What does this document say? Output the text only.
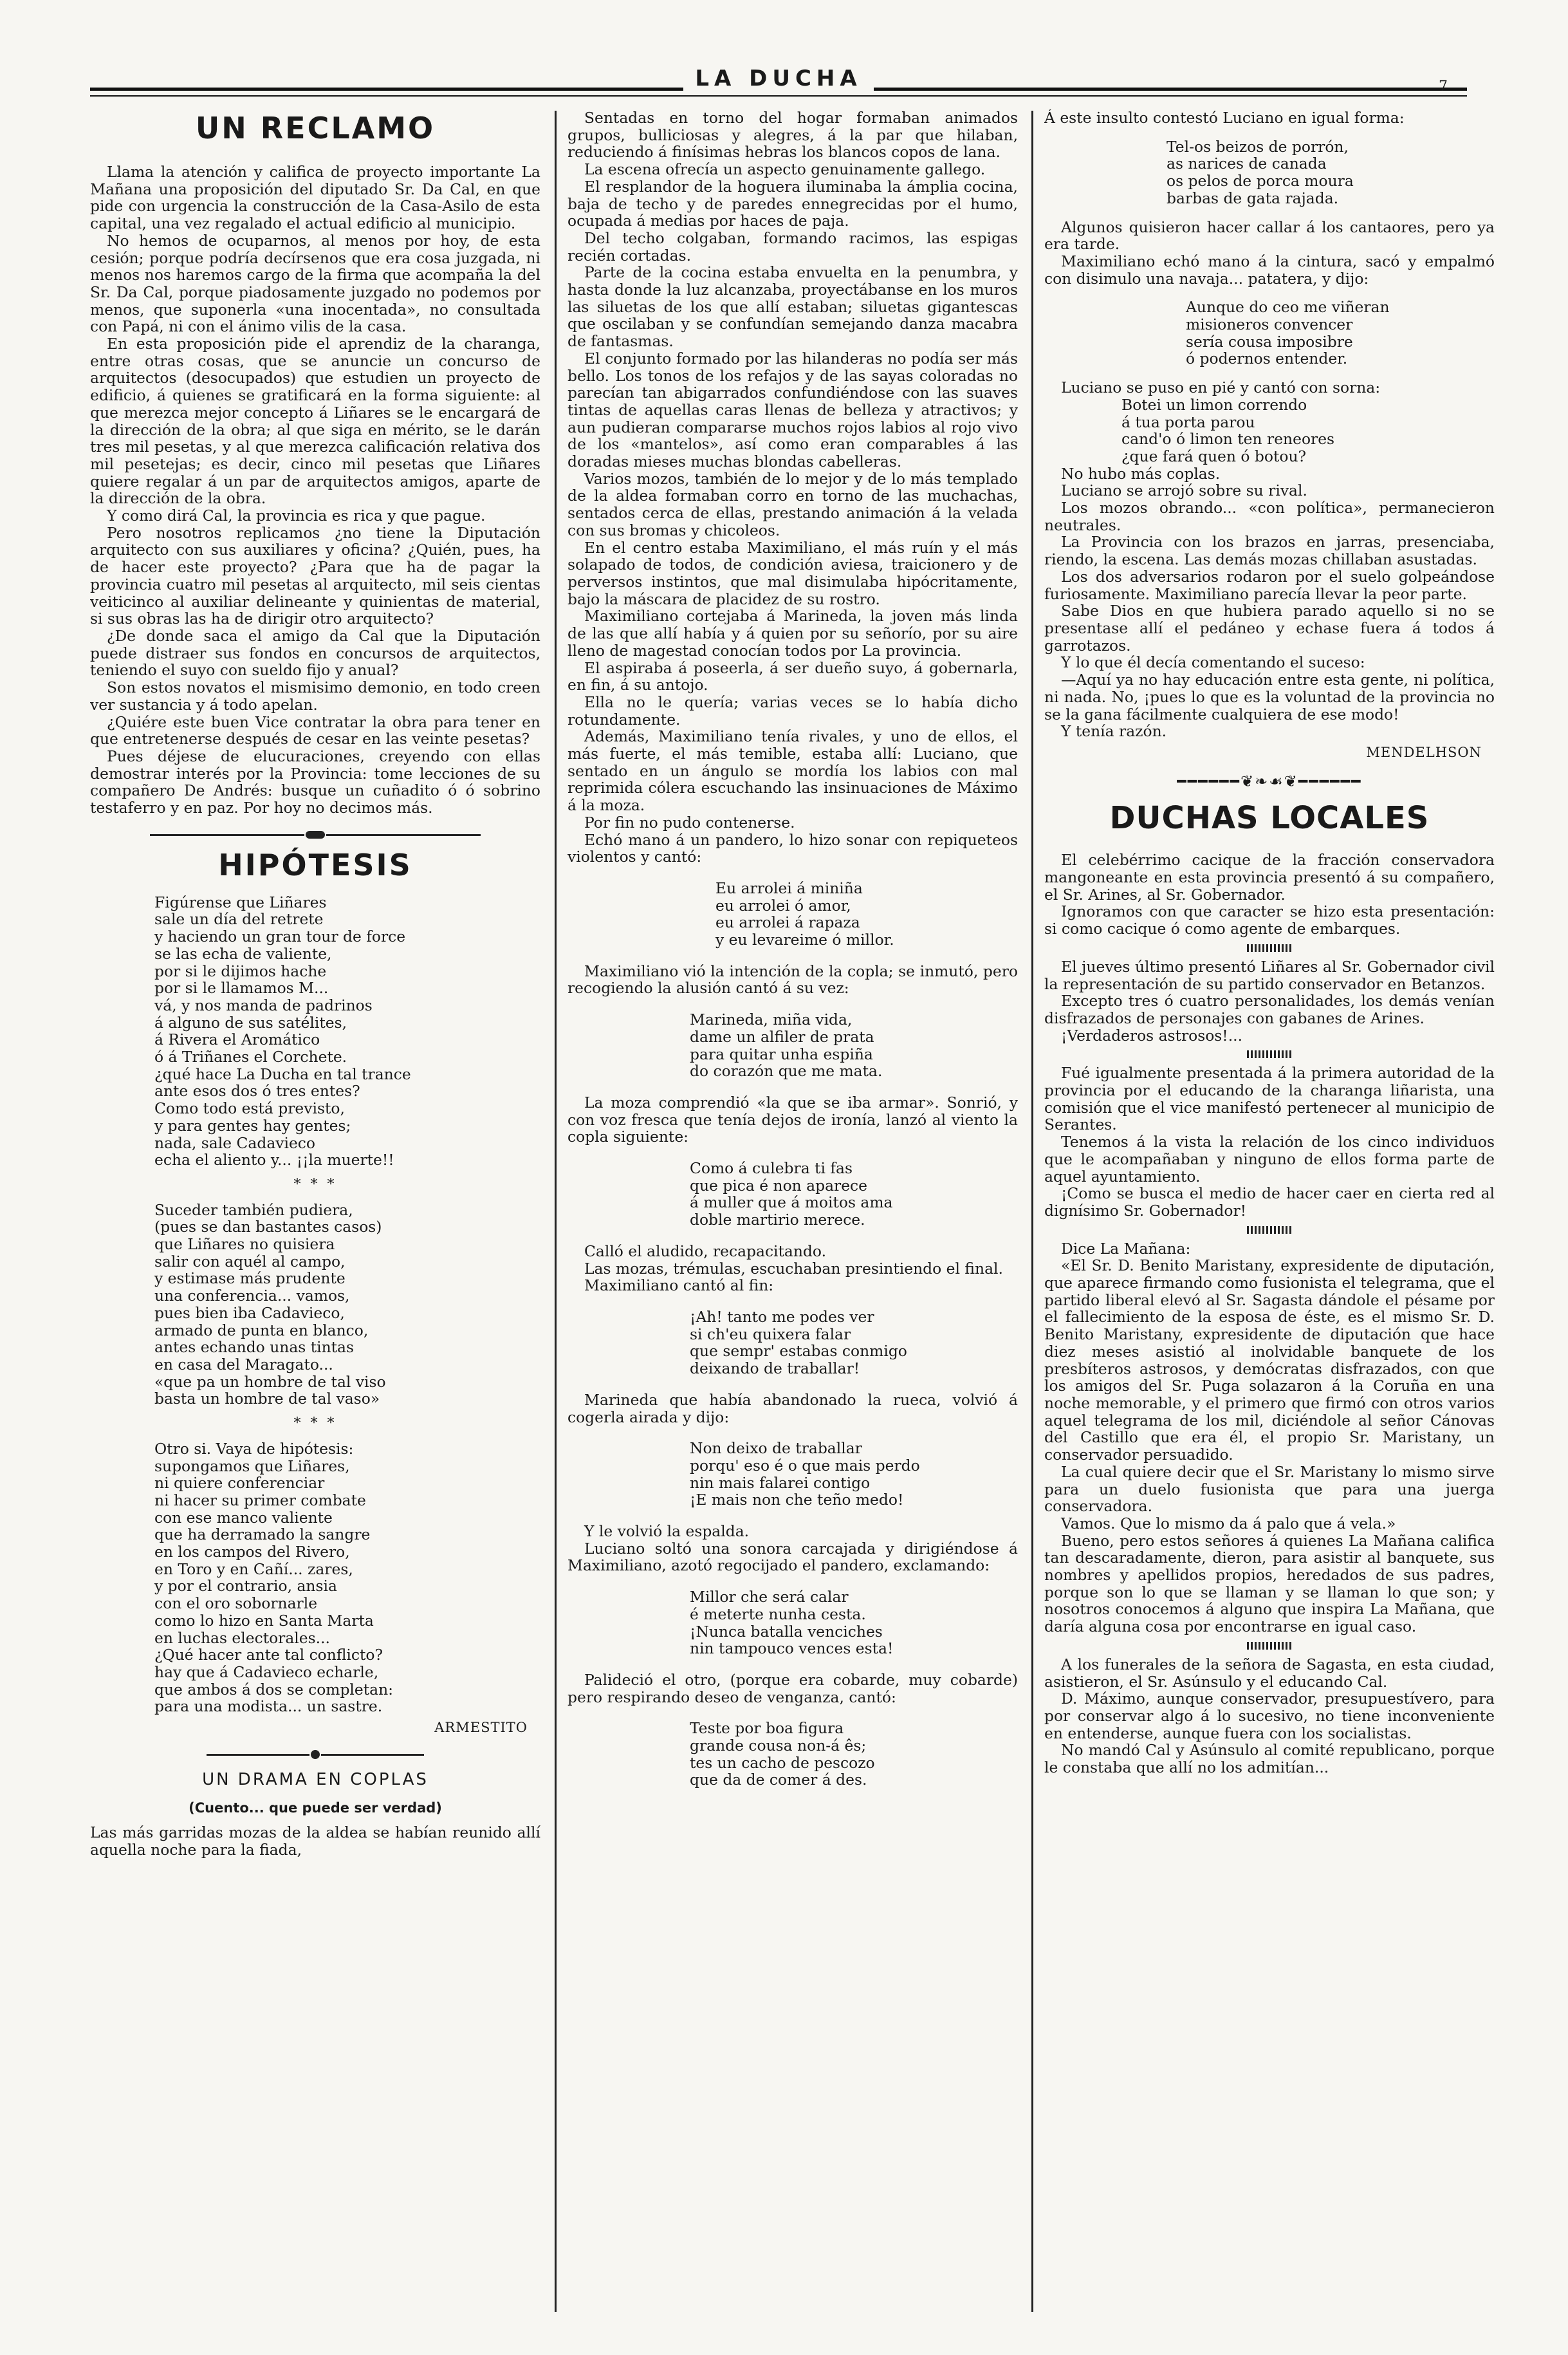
LA DUCHA	7
UN RECLAMO

Llama la atención y califica de proyecto importante La Mañana una proposición del diputado Sr. Da Cal, en que pide con urgencia la construcción de la Casa-Asilo de esta capital, una vez regalado el actual edificio al municipio.

No hemos de ocuparnos, al menos por hoy, de esta cesión; porque podría decírsenos que era cosa juzgada, ni menos nos haremos cargo de la firma que acompaña la del Sr. Da Cal, porque piadosamente juzgado no podemos por menos, que suponerla «una inocentada», no consultada con Papá, ni con el ánimo vilis de la casa.

En esta proposición pide el aprendiz de la charanga, entre otras cosas, que se anuncie un concurso de arquitectos (desocupados) que estudien un proyecto de edificio, á quienes se gratificará en la forma siguiente: al que merezca mejor concepto á Liñares se le encargará de la dirección de la obra; al que siga en mérito, se le darán tres mil pesetas, y al que merezca calificación relativa dos mil pesetejas; es decir, cinco mil pesetas que Liñares quiere regalar á un par de arquitectos amigos, aparte de la dirección de la obra.

Y como dirá Cal, la provincia es rica y que pague.

Pero nosotros replicamos ¿no tiene la Diputación arquitecto con sus auxiliares y oficina? ¿Quién, pues, ha de hacer este proyecto? ¿Para que ha de pagar la provincia cuatro mil pesetas al arquitecto, mil seis cientas veiticinco al auxiliar delineante y quinientas de material, si sus obras las ha de dirigir otro arquitecto?

¿De donde saca el amigo da Cal que la Diputación puede distraer sus fondos en concursos de arquitectos, teniendo el suyo con sueldo fijo y anual?

Son estos novatos el mismisimo demonio, en todo creen ver sustancia y á todo apelan.

¿Quiére este buen Vice contratar la obra para tener en que entretenerse después de cesar en las veinte pesetas?

Pues déjese de elucuraciones, creyendo con ellas demostrar interés por la Provincia: tome lecciones de su compañero De Andrés: busque un cuñadito ó ó sobrino testaferro y en paz. Por hoy no decimos más.

HIPÓTESIS
Figúrense que Liñares
sale un día del retrete
y haciendo un gran tour de force
se las echa de valiente,
por si le dijimos hache
por si le llamamos M...
vá, y nos manda de padrinos
á alguno de sus satélites,
á Rivera el Aromático
ó á Triñanes el Corchete.
¿qué hace La Ducha en tal trance
ante esos dos ó tres entes?
Como todo está previsto,
y para gentes hay gentes;
nada, sale Cadavieco
echa el aliento y... ¡¡la muerte!!
* * *
Suceder también pudiera,
(pues se dan bastantes casos)
que Liñares no quisiera
salir con aquél al campo,
y estimase más prudente
una conferencia... vamos,
pues bien iba Cadavieco,
armado de punta en blanco,
antes echando unas tintas
en casa del Maragato...
«que pa un hombre de tal viso
basta un hombre de tal vaso»
* * *
Otro si. Vaya de hipótesis:
supongamos que Liñares,
ni quiere conferenciar
ni hacer su primer combate
con ese manco valiente
que ha derramado la sangre
en los campos del Rivero,
en Toro y en Cañí... zares,
y por el contrario, ansia
con el oro sobornarle
como lo hizo en Santa Marta
en luchas electorales...
¿Qué hacer ante tal conflicto?
hay que á Cadavieco echarle,
que ambos á dos se completan:
para una modista... un sastre.
ARMESTITO
UN DRAMA EN COPLAS
(Cuento... que puede ser verdad)

Las más garridas mozas de la aldea se habían reunido allí aquella noche para la fiada,

Sentadas en torno del hogar formaban animados grupos, bulliciosas y alegres, á la par que hilaban, reduciendo á finísimas hebras los blancos copos de lana.

La escena ofrecía un aspecto genuinamente gallego.

El resplandor de la hoguera iluminaba la ámplia cocina, baja de techo y de paredes ennegrecidas por el humo, ocupada á medias por haces de paja.

Del techo colgaban, formando racimos, las espigas recién cortadas.

Parte de la cocina estaba envuelta en la penumbra, y hasta donde la luz alcanzaba, proyectábanse en los muros las siluetas de los que allí estaban; siluetas gigantescas que oscilaban y se confundían semejando danza macabra de fantasmas.

El conjunto formado por las hilanderas no podía ser más bello. Los tonos de los refajos y de las sayas coloradas no parecían tan abigarrados confundiéndose con las suaves tintas de aquellas caras llenas de belleza y atractivos; y aun pudieran compararse muchos rojos labios al rojo vivo de los «mantelos», así como eran comparables á las doradas mieses muchas blondas cabelleras.

Varios mozos, también de lo mejor y de lo más templado de la aldea formaban corro en torno de las muchachas, sentados cerca de ellas, prestando animación á la velada con sus bromas y chicoleos.

En el centro estaba Maximiliano, el más ruín y el más solapado de todos, de condición aviesa, traicionero y de perversos instintos, que mal disimulaba hipócritamente, bajo la máscara de placidez de su rostro.

Maximiliano cortejaba á Marineda, la joven más linda de las que allí había y á quien por su señorío, por su aire lleno de magestad conocían todos por La provincia.

El aspiraba á poseerla, á ser dueño suyo, á gobernarla, en fin, á su antojo.

Ella no le quería; varias veces se lo había dicho rotundamente.

Además, Maximiliano tenía rivales, y uno de ellos, el más fuerte, el más temible, estaba allí: Luciano, que sentado en un ángulo se mordía los labios con mal reprimida cólera escuchando las insinuaciones de Máximo á la moza.

Por fin no pudo contenerse.

Echó mano á un pandero, lo hizo sonar con repiqueteos violentos y cantó:

Eu arrolei á miniña
eu arrolei ó amor,
eu arrolei á rapaza
y eu levareime ó millor.

Maximiliano vió la intención de la copla; se inmutó, pero recogiendo la alusión cantó á su vez:

Marineda, miña vida,
dame un alfiler de prata
para quitar unha espiña
do corazón que me mata.

La moza comprendió «la que se iba armar». Sonrió, y con voz fresca que tenía dejos de ironía, lanzó al viento la copla siguiente:

Como á culebra ti fas
que pica é non aparece
á muller que á moitos ama
doble martirio merece.

Calló el aludido, recapacitando.

Las mozas, trémulas, escuchaban presintiendo el final.

Maximiliano cantó al fin:

¡Ah! tanto me podes ver
si ch'eu quixera falar
que sempr' estabas conmigo
deixando de traballar!

Marineda que había abandonado la rueca, volvió á cogerla airada y dijo:

Non deixo de traballar
porqu' eso é o que mais perdo
nin mais falarei contigo
¡E mais non che teño medo!

Y le volvió la espalda.

Luciano soltó una sonora carcajada y dirigiéndose á Maximiliano, azotó regocijado el pandero, exclamando:

Millor che será calar
é meterte nunha cesta.
¡Nunca batalla venciches
nin tampouco vences esta!

Palideció el otro, (porque era cobarde, muy cobarde) pero respirando deseo de venganza, cantó:

Teste por boa figura
grande cousa non-á ês;
tes un cacho de pescozo
que da de comer á des.

Á este insulto contestó Luciano en igual forma:

Tel-os beizos de porrón,
as narices de canada
os pelos de porca moura
barbas de gata rajada.

Algunos quisieron hacer callar á los cantaores, pero ya era tarde.

Maximiliano echó mano á la cintura, sacó y empalmó con disimulo una navaja... patatera, y dijo:

Aunque do ceo me viñeran
misioneros convencer
sería cousa imposibre
ó podernos entender.

Luciano se puso en pié y cantó con sorna:

Botei un limon correndo
á tua porta parou
cand'o ó limon ten reneores
¿que fará quen ó botou?

No hubo más coplas.

Luciano se arrojó sobre su rival.

Los mozos obrando... «con política», permanecieron neutrales.

La Provincia con los brazos en jarras, presenciaba, riendo, la escena. Las demás mozas chillaban asustadas.

Los dos adversarios rodaron por el suelo golpeándose furiosamente. Maximiliano parecía llevar la peor parte.

Sabe Dios en que hubiera parado aquello si no se presentase allí el pedáneo y echase fuera á todos á garrotazos.

Y lo que él decía comentando el suceso:

—Aquí ya no hay educación entre esta gente, ni política, ni nada. No, ¡pues lo que es la voluntad de la provincia no se la gana fácilmente cualquiera de ese modo!

Y tenía razón.

MENDELHSON
━━━━━━❦❧☙❦━━━━━━
DUCHAS LOCALES

El celebérrimo cacique de la fracción conservadora mangoneante en esta provincia presentó á su compañero, el Sr. Arines, al Sr. Gobernador.

Ignoramos con que caracter se hizo esta presentación: si como cacique ó como agente de embarques.

El jueves último presentó Liñares al Sr. Gobernador civil la representación de su partido conservador en Betanzos.

Excepto tres ó cuatro personalidades, los demás venían disfrazados de personajes con gabanes de Arines.

¡Verdaderos astrosos!...

Fué igualmente presentada á la primera autoridad de la provincia por el educando de la charanga liñarista, una comisión que el vice manifestó pertenecer al municipio de Serantes.

Tenemos á la vista la relación de los cinco individuos que le acompañaban y ninguno de ellos forma parte de aquel ayuntamiento.

¡Como se busca el medio de hacer caer en cierta red al dignísimo Sr. Gobernador!

Dice La Mañana:

«El Sr. D. Benito Maristany, expresidente de diputación, que aparece firmando como fusionista el telegrama, que el partido liberal elevó al Sr. Sagasta dándole el pésame por el fallecimiento de la esposa de éste, es el mismo Sr. D. Benito Maristany, expresidente de diputación que hace diez meses asistió al inolvidable banquete de los presbíteros astrosos, y demócratas disfrazados, con que los amigos del Sr. Puga solazaron á la Coruña en una noche memorable, y el primero que firmó con otros varios aquel telegrama de los mil, diciéndole al señor Cánovas del Castillo que era él, el propio Sr. Maristany, un conservador persuadido.

La cual quiere decir que el Sr. Maristany lo mismo sirve para un duelo fusionista que para una juerga conservadora.

Vamos. Que lo mismo da á palo que á vela.»

Bueno, pero estos señores á quienes La Mañana califica tan descaradamente, dieron, para asistir al banquete, sus nombres y apellidos propios, heredados de sus padres, porque son lo que se llaman y se llaman lo que son; y nosotros conocemos á alguno que inspira La Mañana, que daría alguna cosa por encontrarse en igual caso.

A los funerales de la señora de Sagasta, en esta ciudad, asistieron, el Sr. Asúnsulo y el educando Cal.

D. Máximo, aunque conservador, presupuestívero, para por conservar algo á lo sucesivo, no tiene inconveniente en entenderse, aunque fuera con los socialistas.

No mandó Cal y Asúnsulo al comité republicano, porque le constaba que allí no los admitían...
